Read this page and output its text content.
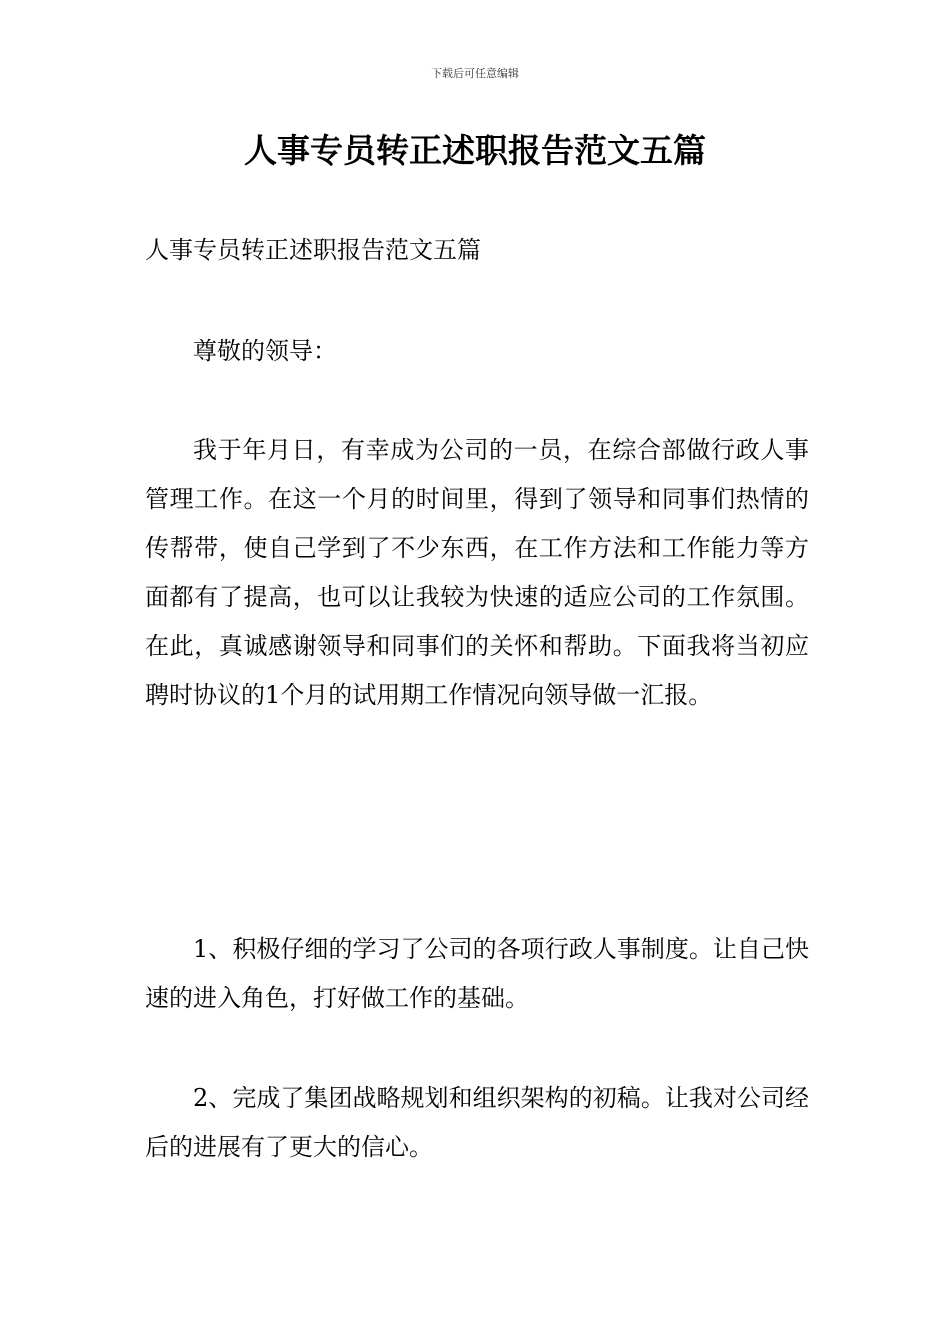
下载后可任意编辑
人事专员转正述职报告范文五篇

人事专员转正述职报告范文五篇

尊敬的领导：

我于年月日，有幸成为公司的一员，在综合部做行政人事管理工作。在这一个月的时间里，得到了领导和同事们热情的传帮带，使自己学到了不少东西，在工作方法和工作能力等方面都有了提高，也可以让我较为快速的适应公司的工作氛围。在此，真诚感谢领导和同事们的关怀和帮助。下面我将当初应聘时协议的1个月的试用期工作情况向领导做一汇报。

1、积极仔细的学习了公司的各项行政人事制度。让自己快速的进入角色，打好做工作的基础。

2、完成了集团战略规划和组织架构的初稿。让我对公司经后的进展有了更大的信心。
